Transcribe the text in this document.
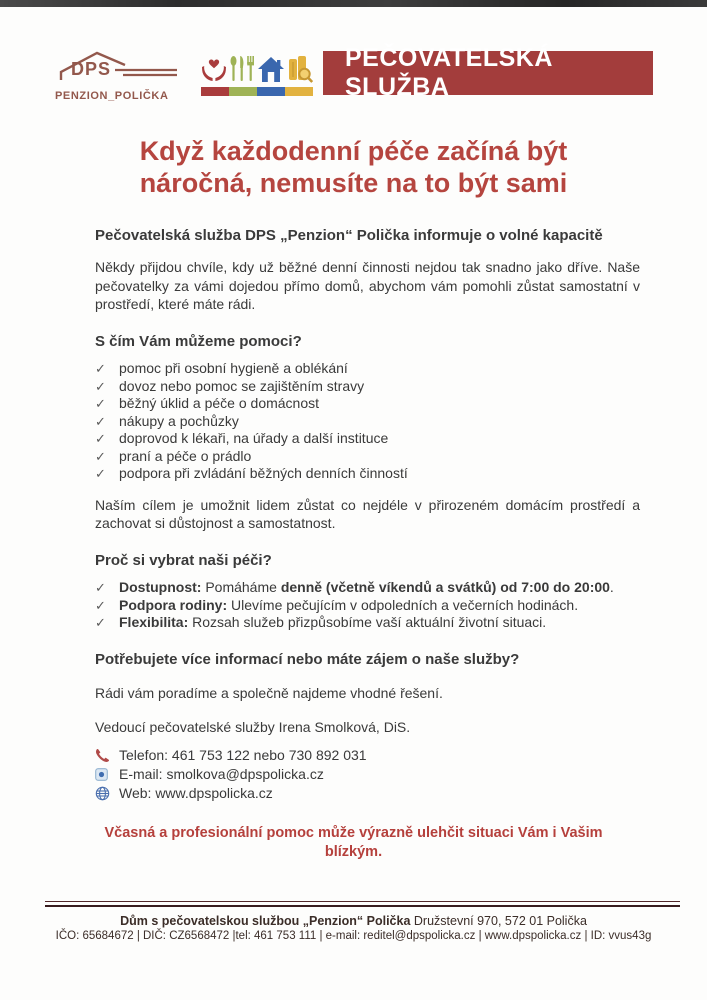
DPS
PENZION_POLIČKA
PEČOVATELSKÁ SLUŽBA
Když každodenní péče začíná být náročná, nemusíte na to být sami
Pečovatelská služba DPS „Penzion“ Polička informuje o volné kapacitě
Někdy přijdou chvíle, kdy už běžné denní činnosti nejdou tak snadno jako dříve. Naše pečovatelky za vámi dojedou přímo domů, abychom vám pomohli zůstat samostatní v prostředí, které máte rádi.
S čím Vám můžeme pomoci?
✓ pomoc při osobní hygieně a oblékání
✓ dovoz nebo pomoc se zajištěním stravy
✓ běžný úklid a péče o domácnost
✓ nákupy a pochůzky
✓ doprovod k lékaři, na úřady a další instituce
✓ praní a péče o prádlo
✓ podpora při zvládání běžných denních činností
Naším cílem je umožnit lidem zůstat co nejdéle v přirozeném domácím prostředí a zachovat si důstojnost a samostatnost.
Proč si vybrat naši péči?
✓ Dostupnost: Pomáháme denně (včetně víkendů a svátků) od 7:00 do 20:00.
✓ Podpora rodiny: Ulevíme pečujícím v odpoledních a večerních hodinách.
✓ Flexibilita: Rozsah služeb přizpůsobíme vaší aktuální životní situaci.
Potřebujete více informací nebo máte zájem o naše služby?
Rádi vám poradíme a společně najdeme vhodné řešení.
Vedoucí pečovatelské služby Irena Smolková, DiS.
Telefon: 461 753 122 nebo 730 892 031
E-mail: smolkova@dpspolicka.cz
Web: www.dpspolicka.cz
Včasná a profesionální pomoc může výrazně ulehčit situaci Vám i Vašim blízkým.
Dům s pečovatelskou službou „Penzion“ Polička Družstevní 970, 572 01 Polička
IČO: 65684672 | DIČ: CZ6568472 |tel: 461 753 111 | e-mail: reditel@dpspolicka.cz | www.dpspolicka.cz | ID: vvus43g
